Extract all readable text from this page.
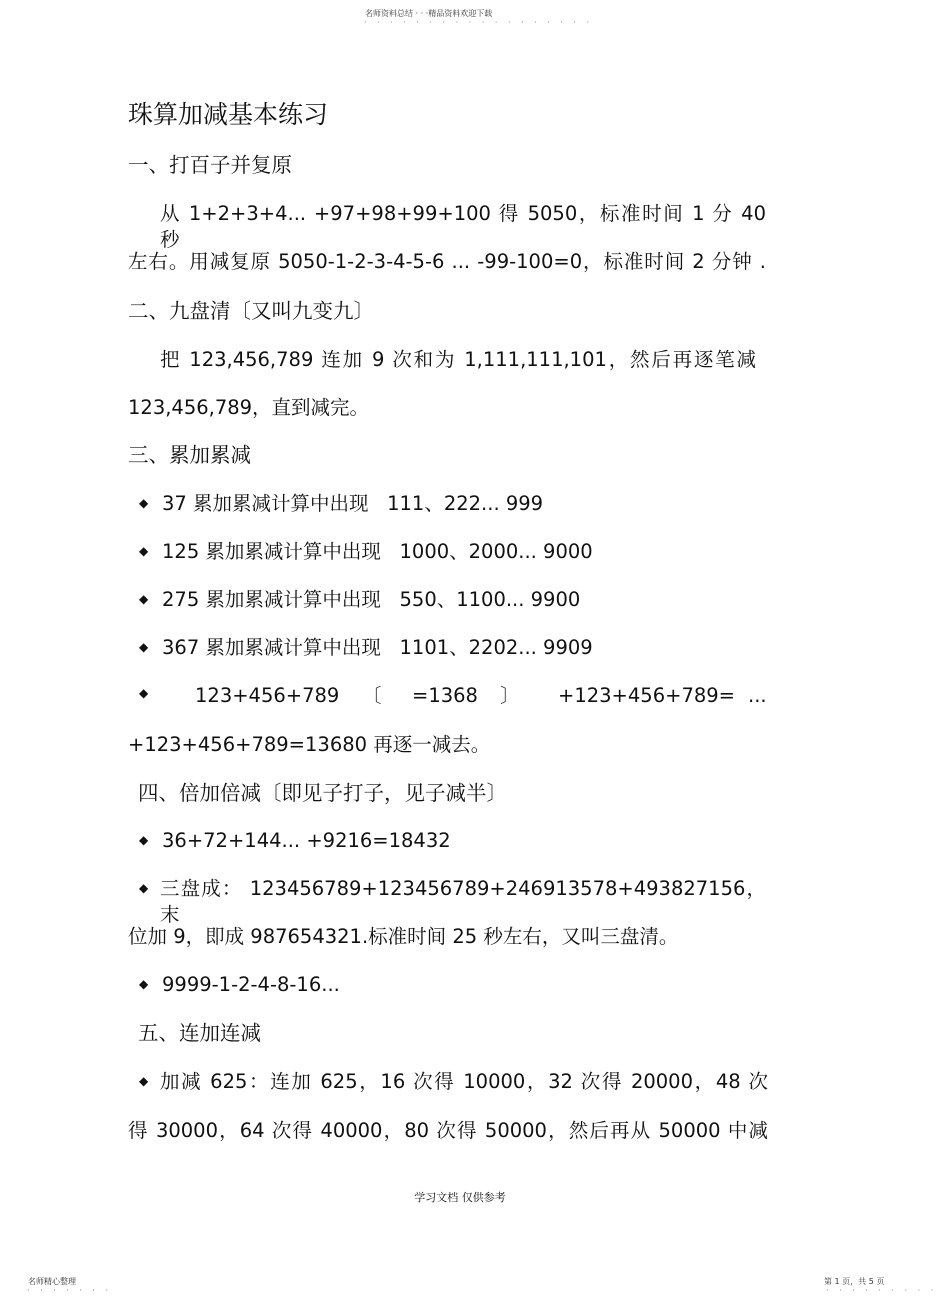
名师资料总结 · · ·精品资料欢迎下载
· · · · · · · · · · · · · · · · · ·
珠算加减基本练习
一、打百子并复原
从 1+2+3+4... +97+98+99+100 得 5050，标准时间 1 分 40 秒
左右。用减复原 5050-1-2-3-4-5-6 ... -99-100=0，标准时间 2 分钟 .
二、九盘清〔又叫九变九〕
把 123,456,789 连加 9 次和为 1,111,111,101，然后再逐笔减
123,456,789，直到减完。
三、累加累减
◆ 37 累加累减计算中出现   111、222... 999
◆ 125 累加累减计算中出现   1000、2000... 9000
◆ 275 累加累减计算中出现   550、1100... 9900
◆ 367 累加累减计算中出现   1101、2202... 9909
◆ 123+456+789 〔 =1368 〕 +123+456+789= ...
+123+456+789=13680 再逐一减去。
四、倍加倍减〔即见子打子，见子减半〕
◆ 36+72+144... +9216=18432
◆ 三盘成： 123456789+123456789+246913578+493827156，末
位加 9，即成 987654321.标准时间 25 秒左右，又叫三盘清。
◆ 9999-1-2-4-8-16...
五、连加连减
◆ 加减 625：连加 625，16 次得 10000，32 次得 20000，48 次
得 30000，64 次得 40000，80 次得 50000，然后再从 50000 中减
学习文档 仅供参考
名师精心整理
· · · · · · ·
第 1 页，共 5 页
· · · · · · · · ·
